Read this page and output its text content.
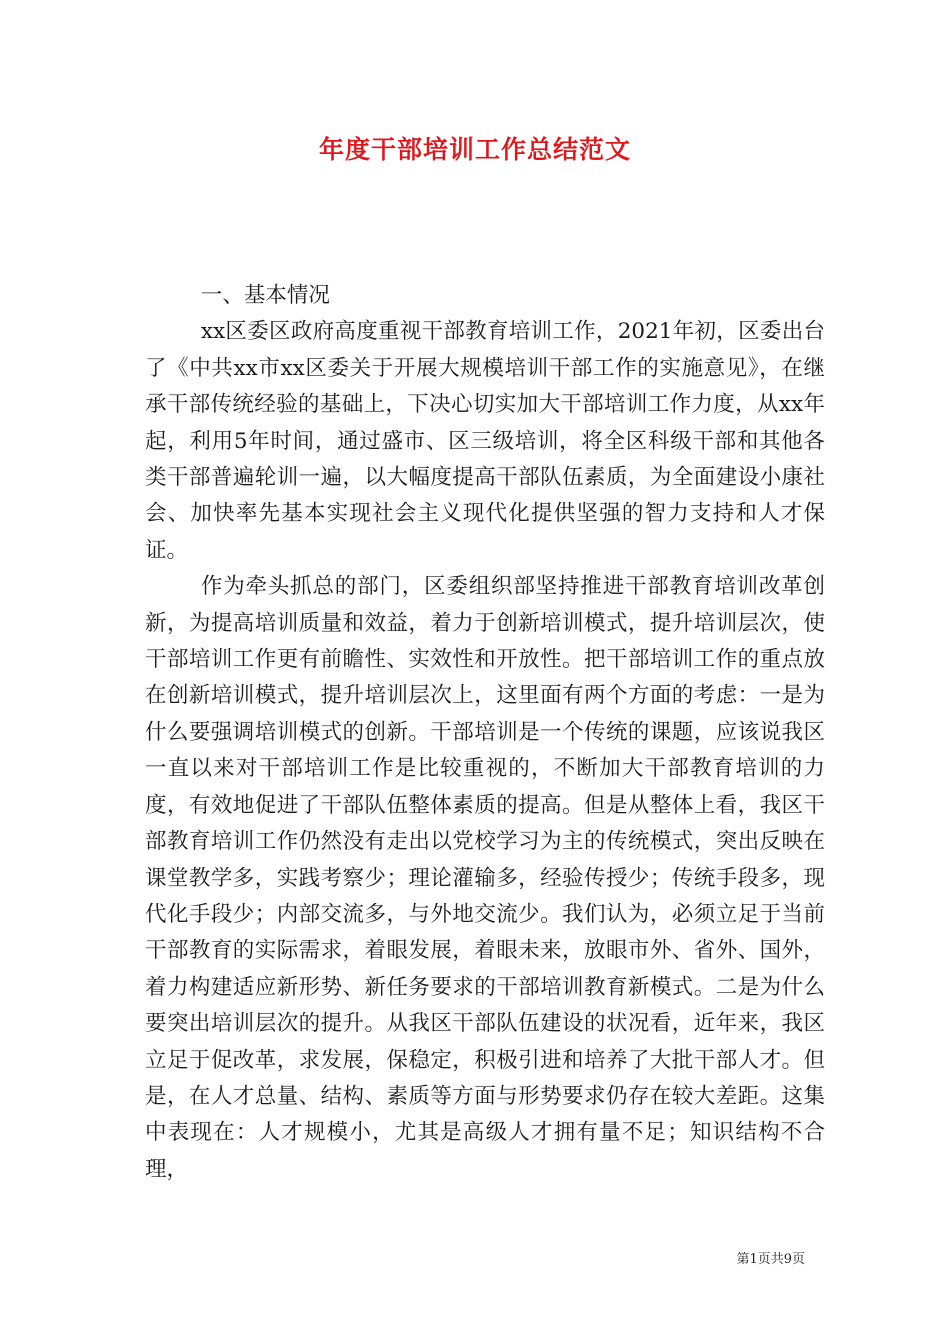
年度干部培训工作总结范文

一、基本情况

xx区委区政府高度重视干部教育培训工作，2021年初，区委出台了《中共xx市xx区委关于开展大规模培训干部工作的实施意见》，在继承干部传统经验的基础上，下决心切实加大干部培训工作力度，从xx年起，利用5年时间，通过盛市、区三级培训，将全区科级干部和其他各类干部普遍轮训一遍，以大幅度提高干部队伍素质，为全面建设小康社会、加快率先基本实现社会主义现代化提供坚强的智力支持和人才保证。

作为牵头抓总的部门，区委组织部坚持推进干部教育培训改革创新，为提高培训质量和效益，着力于创新培训模式，提升培训层次，使干部培训工作更有前瞻性、实效性和开放性。把干部培训工作的重点放在创新培训模式，提升培训层次上，这里面有两个方面的考虑：一是为什么要强调培训模式的创新。干部培训是一个传统的课题，应该说我区一直以来对干部培训工作是比较重视的，不断加大干部教育培训的力度，有效地促进了干部队伍整体素质的提高。但是从整体上看，我区干部教育培训工作仍然没有走出以党校学习为主的传统模式，突出反映在课堂教学多，实践考察少；理论灌输多，经验传授少；传统手段多，现代化手段少；内部交流多，与外地交流少。我们认为，必须立足于当前干部教育的实际需求，着眼发展，着眼未来，放眼市外、省外、国外，着力构建适应新形势、新任务要求的干部培训教育新模式。二是为什么要突出培训层次的提升。从我区干部队伍建设的状况看，近年来，我区立足于促改革，求发展，保稳定，积极引进和培养了大批干部人才。但是，在人才总量、结构、素质等方面与形势要求仍存在较大差距。这集中表现在：人才规模小，尤其是高级人才拥有量不足；知识结构不合理，

第1页共9页
